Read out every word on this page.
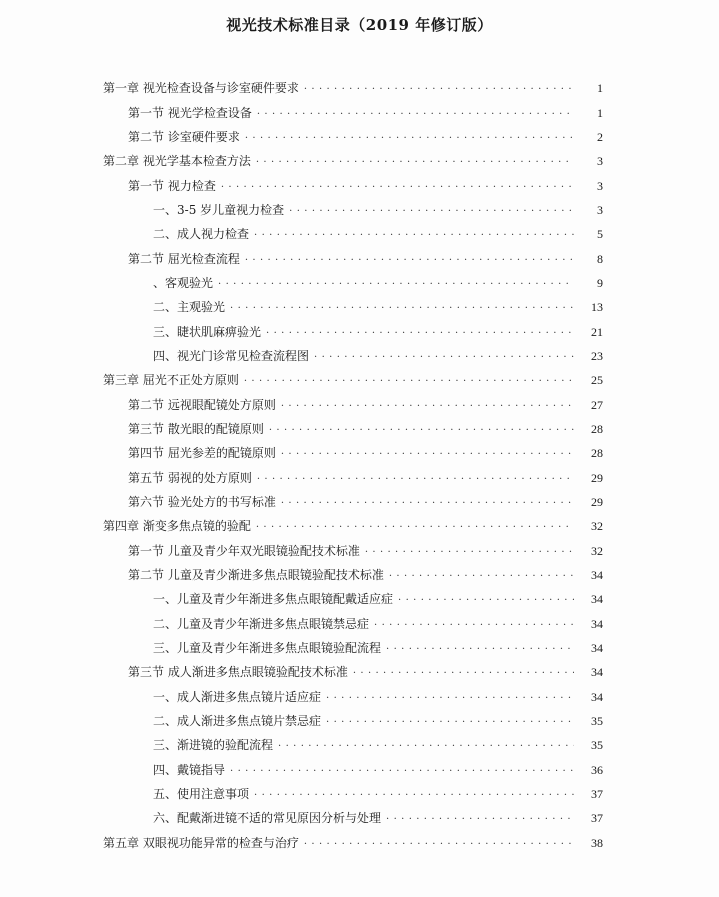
视光技术标准目录（2019 年修订版）
第一章 视光检查设备与诊室硬件要求 . . .	1
第一节 视光学检查设备 . . .	1
第二节 诊室硬件要求 . . .	2
第二章 视光学基本检查方法 . . .	3
第一节 视力检查 . . .	3
一、3-5 岁儿童视力检查 . . .	3
二、成人视力检查 . . .	5
第二节 屈光检查流程 . . .	8
、客观验光 . . .	9
二、主观验光 . . .	13
三、睫状肌麻痹验光 . . .	21
四、视光门诊常见检查流程图 . . .	23
第三章 屈光不正处方原则 . . .	25
第二节 远视眼配镜处方原则 . . .	27
第三节 散光眼的配镜原则 . . .	28
第四节 屈光参差的配镜原则 . . .	28
第五节 弱视的处方原则 . . .	29
第六节 验光处方的书写标准 . . .	29
第四章 渐变多焦点镜的验配 . . .	32
第一节 儿童及青少年双光眼镜验配技术标准 . . .	32
第二节 儿童及青少渐进多焦点眼镜验配技术标准 . . .	34
一、儿童及青少年渐进多焦点眼镜配戴适应症 . . .	34
二、儿童及青少年渐进多焦点眼镜禁忌症 . . .	34
三、儿童及青少年渐进多焦点眼镜验配流程 . . .	34
第三节 成人渐进多焦点眼镜验配技术标准 . . .	34
一、成人渐进多焦点镜片适应症 . . .	34
二、成人渐进多焦点镜片禁忌症 . . .	35
三、渐进镜的验配流程 . . .	35
四、戴镜指导 . . .	36
五、使用注意事项 . . .	37
六、配戴渐进镜不适的常见原因分析与处理 . . .	37
第五章 双眼视功能异常的检查与治疗 . . .	38
